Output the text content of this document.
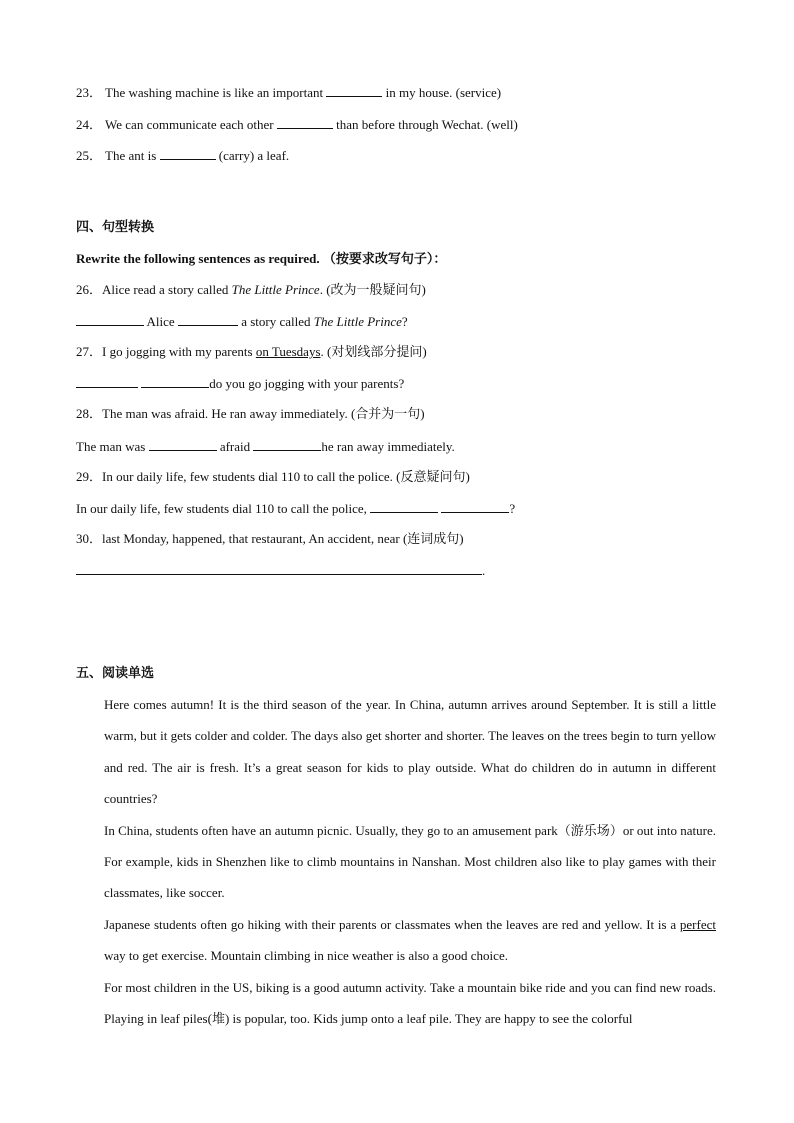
23． The washing machine is like an important	in my house. (service)
24． We can communicate each other	than before through Wechat. (well)
25． The ant is	(carry) a leaf.
四、句型转换
Rewrite the following sentences as required. （按要求改写句子）：
26．Alice read a story called The Little Prince. (改为一般疑问句)
Alice	a story called The Little Prince?
27．I go jogging with my parents on Tuesdays. (对划线部分提问)
do you go jogging with your parents?
28．The man was afraid. He ran away immediately. (合并为一句)
The man was	afraid	he ran away immediately.
29．In our daily life, few students dial 110 to call the police. (反意疑问句)
In our daily life, few students dial 110 to call the police,	?
30．last Monday, happened, that restaurant, An accident, near (连词成句)
.
五、阅读单选

Here comes autumn! It is the third season of the year. In China, autumn arrives around September. It is still a little warm, but it gets colder and colder. The days also get shorter and shorter. The leaves on the trees begin to turn yellow and red. The air is fresh. It’s a great season for kids to play outside. What do children do in autumn in different countries?

In China, students often have an autumn picnic. Usually, they go to an amusement park（游乐场）or out into nature. For example, kids in Shenzhen like to climb mountains in Nanshan. Most children also like to play games with their classmates, like soccer.

Japanese students often go hiking with their parents or classmates when the leaves are red and yellow. It is a perfect way to get exercise. Mountain climbing in nice weather is also a good choice.

For most children in the US, biking is a good autumn activity. Take a mountain bike ride and you can find new roads. Playing in leaf piles(堆) is popular, too. Kids jump onto a leaf pile. They are happy to see the colorful
